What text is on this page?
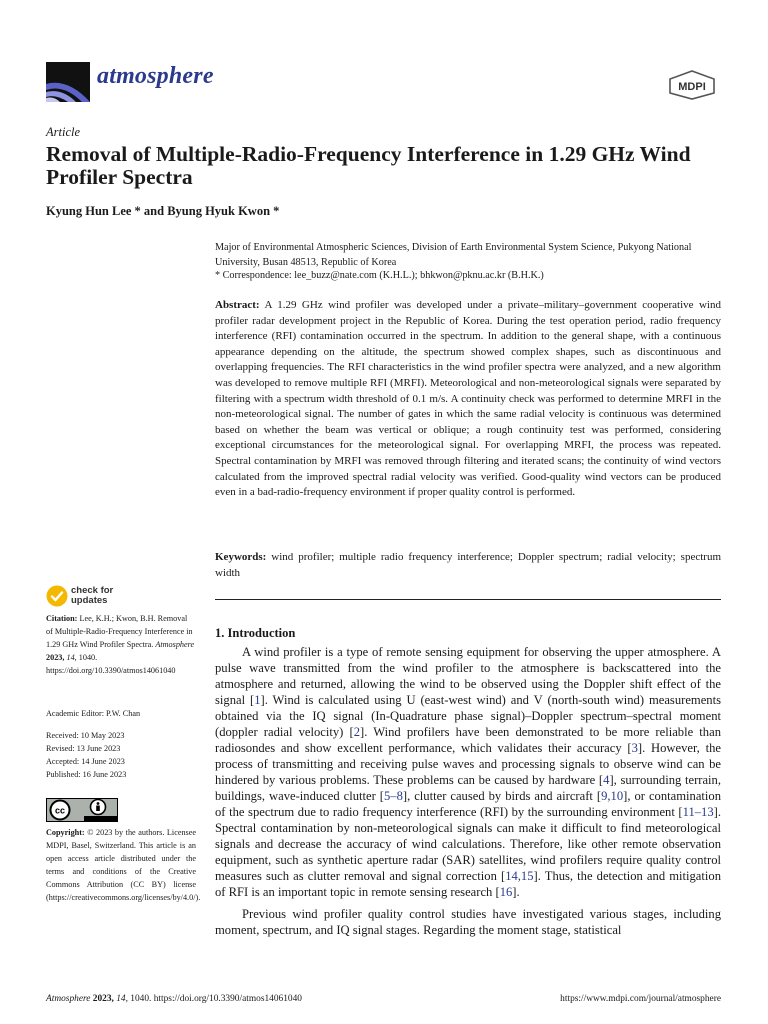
atmosphere	MDPI
Article
Removal of Multiple-Radio-Frequency Interference in 1.29 GHz Wind Profiler Spectra
Kyung Hun Lee * and Byung Hyuk Kwon *
Major of Environmental Atmospheric Sciences, Division of Earth Environmental System Science, Pukyong National University, Busan 48513, Republic of Korea
* Correspondence: lee_buzz@nate.com (K.H.L.); bhkwon@pknu.ac.kr (B.H.K.)

Abstract: A 1.29 GHz wind profiler was developed under a private–military–government cooperative wind profiler radar development project in the Republic of Korea. During the test operation period, radio frequency interference (RFI) contamination occurred in the spectrum. In addition to the general shape, with a continuous appearance depending on the altitude, the spectrum showed complex shapes, such as discontinuous and overlapping frequencies. The RFI characteristics in the wind profiler spectra were analyzed, and a new algorithm was developed to remove multiple RFI (MRFI). Meteorological and non-meteorological signals were separated by filtering with a spectrum width threshold of 0.1 m/s. A continuity check was performed to determine MRFI in the non-meteorological signal. The number of gates in which the same radial velocity is continuous was determined based on whether the beam was vertical or oblique; a rough continuity test was performed, considering exceptional circumstances for the meteorological signal. For overlapping MRFI, the process was repeated. Spectral contamination by MRFI was removed through filtering and iterated scans; the continuity of wind vectors calculated from the improved spectral radial velocity was verified. Good-quality wind vectors can be produced even in a bad-radio-frequency environment if proper quality control is performed.

Keywords: wind profiler; multiple radio frequency interference; Doppler spectrum; radial velocity; spectrum width

check for
updates
Citation: Lee, K.H.; Kwon, B.H. Removal of Multiple-Radio-Frequency Interference in 1.29 GHz Wind Profiler Spectra. Atmosphere 2023, 14, 1040. https://doi.org/10.3390/atmos14061040
Academic Editor: P.W. Chan
Received: 10 May 2023
Revised: 13 June 2023
Accepted: 14 June 2023
Published: 16 June 2023
cc
Copyright: © 2023 by the authors. Licensee MDPI, Basel, Switzerland. This article is an open access article distributed under the terms and conditions of the Creative Commons Attribution (CC BY) license (https://creativecommons.org/licenses/by/4.0/).
1. Introduction

A wind profiler is a type of remote sensing equipment for observing the upper atmosphere. A pulse wave transmitted from the wind profiler to the atmosphere is backscattered into the atmosphere and returned, allowing the wind to be observed using the Doppler shift effect of the signal [1]. Wind is calculated using U (east-west wind) and V (north-south wind) measurements obtained via the IQ signal (In-Quadrature phase signal)–Doppler spectrum–spectral moment (doppler radial velocity) [2]. Wind profilers have been demonstrated to be more reliable than radiosondes and show excellent performance, which validates their accuracy [3]. However, the process of transmitting and receiving pulse waves and processing signals to observe wind can be hindered by various problems. These problems can be caused by hardware [4], surrounding terrain, buildings, wave-induced clutter [5–8], clutter caused by birds and aircraft [9,10], or contamination of the spectrum due to radio frequency interference (RFI) by the surrounding environment [11–13]. Spectral contamination by non-meteorological signals can make it difficult to find meteorological signals and decrease the accuracy of wind calculations. Therefore, like other remote observation equipment, such as synthetic aperture radar (SAR) satellites, wind profilers require quality control measures such as clutter removal and signal correction [14,15]. Thus, the detection and mitigation of RFI is an important topic in remote sensing research [16].

Previous wind profiler quality control studies have investigated various stages, including moment, spectrum, and IQ signal stages. Regarding the moment stage, statistical

Atmosphere 2023, 14, 1040. https://doi.org/10.3390/atmos14061040	https://www.mdpi.com/journal/atmosphere
